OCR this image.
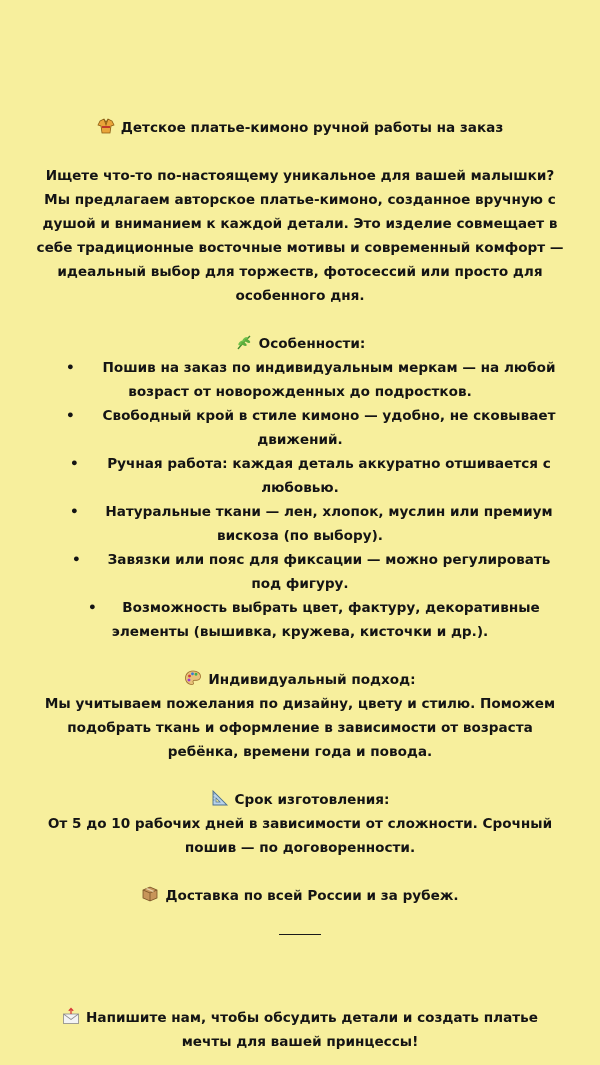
Детское платье-кимоно ручной работы на заказ

Ищете что-то по-настоящему уникальное для вашей малышки?

Мы предлагаем авторское платье-кимоно, созданное вручную с

душой и вниманием к каждой детали. Это изделие совмещает в

себе традиционные восточные мотивы и современный комфорт —

идеальный выбор для торжеств, фотосессий или просто для

особенного дня.

Особенности:

•	Пошив на заказ по индивидуальным меркам — на любой

возраст от новорожденных до подростков.

•	Свободный крой в стиле кимоно — удобно, не сковывает

движений.

•	Ручная работа: каждая деталь аккуратно отшивается с

любовью.

•	Натуральные ткани — лен, хлопок, муслин или премиум

вискоза (по выбору).

•	Завязки или пояс для фиксации — можно регулировать

под фигуру.

•	Возможность выбрать цвет, фактуру, декоративные

элементы (вышивка, кружева, кисточки и др.).

Индивидуальный подход:

Мы учитываем пожелания по дизайну, цвету и стилю. Поможем

подобрать ткань и оформление в зависимости от возраста

ребёнка, времени года и повода.

Срок изготовления:

От 5 до 10 рабочих дней в зависимости от сложности. Срочный

пошив — по договоренности.

Доставка по всей России и за рубеж.

Напишите нам, чтобы обсудить детали и создать платье

мечты для вашей принцессы!
